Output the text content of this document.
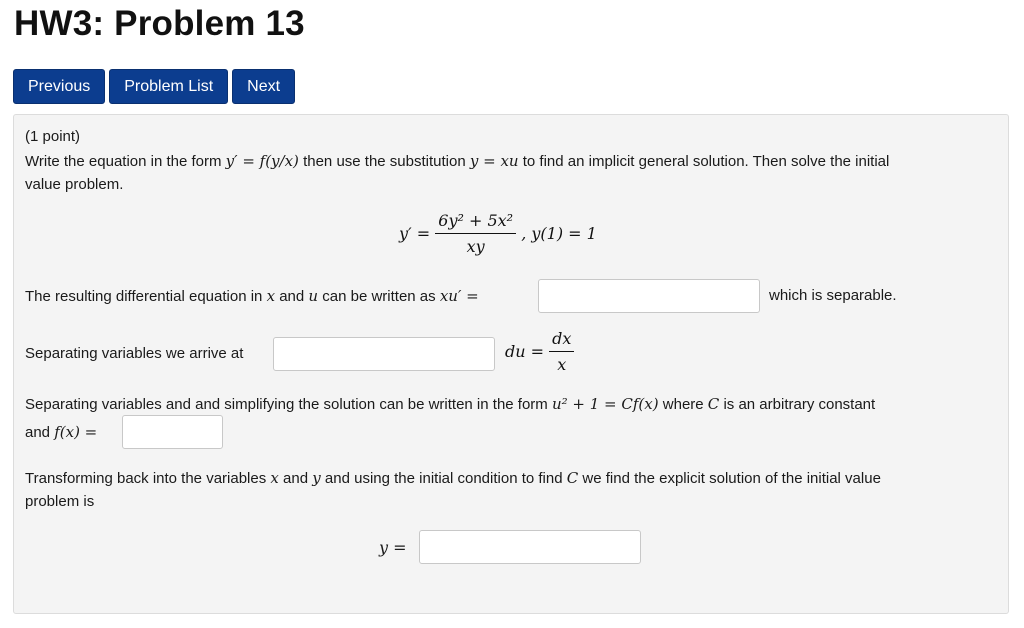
HW3: Problem 13
Previous	Problem List	Next
(1 point)
Write the equation in the form y′ = f(y/x) then use the substitution y = xu to find an implicit general solution. Then solve the initial
value problem.
$y' = \frac{\text{6y² + 5x²}}{xy}$ , y(1) = 1
The resulting differential equation in x and u can be written as xu′ =	which is separable.
Separating variables we arrive at	du = $\frac{dx}{x}$
Separating variables and and simplifying the solution can be written in the form u² + 1 = Cf(x) where C is an arbitrary constant
and f(x) =
Transforming back into the variables x and y and using the initial condition to find C we find the explicit solution of the initial value
problem is
y =
